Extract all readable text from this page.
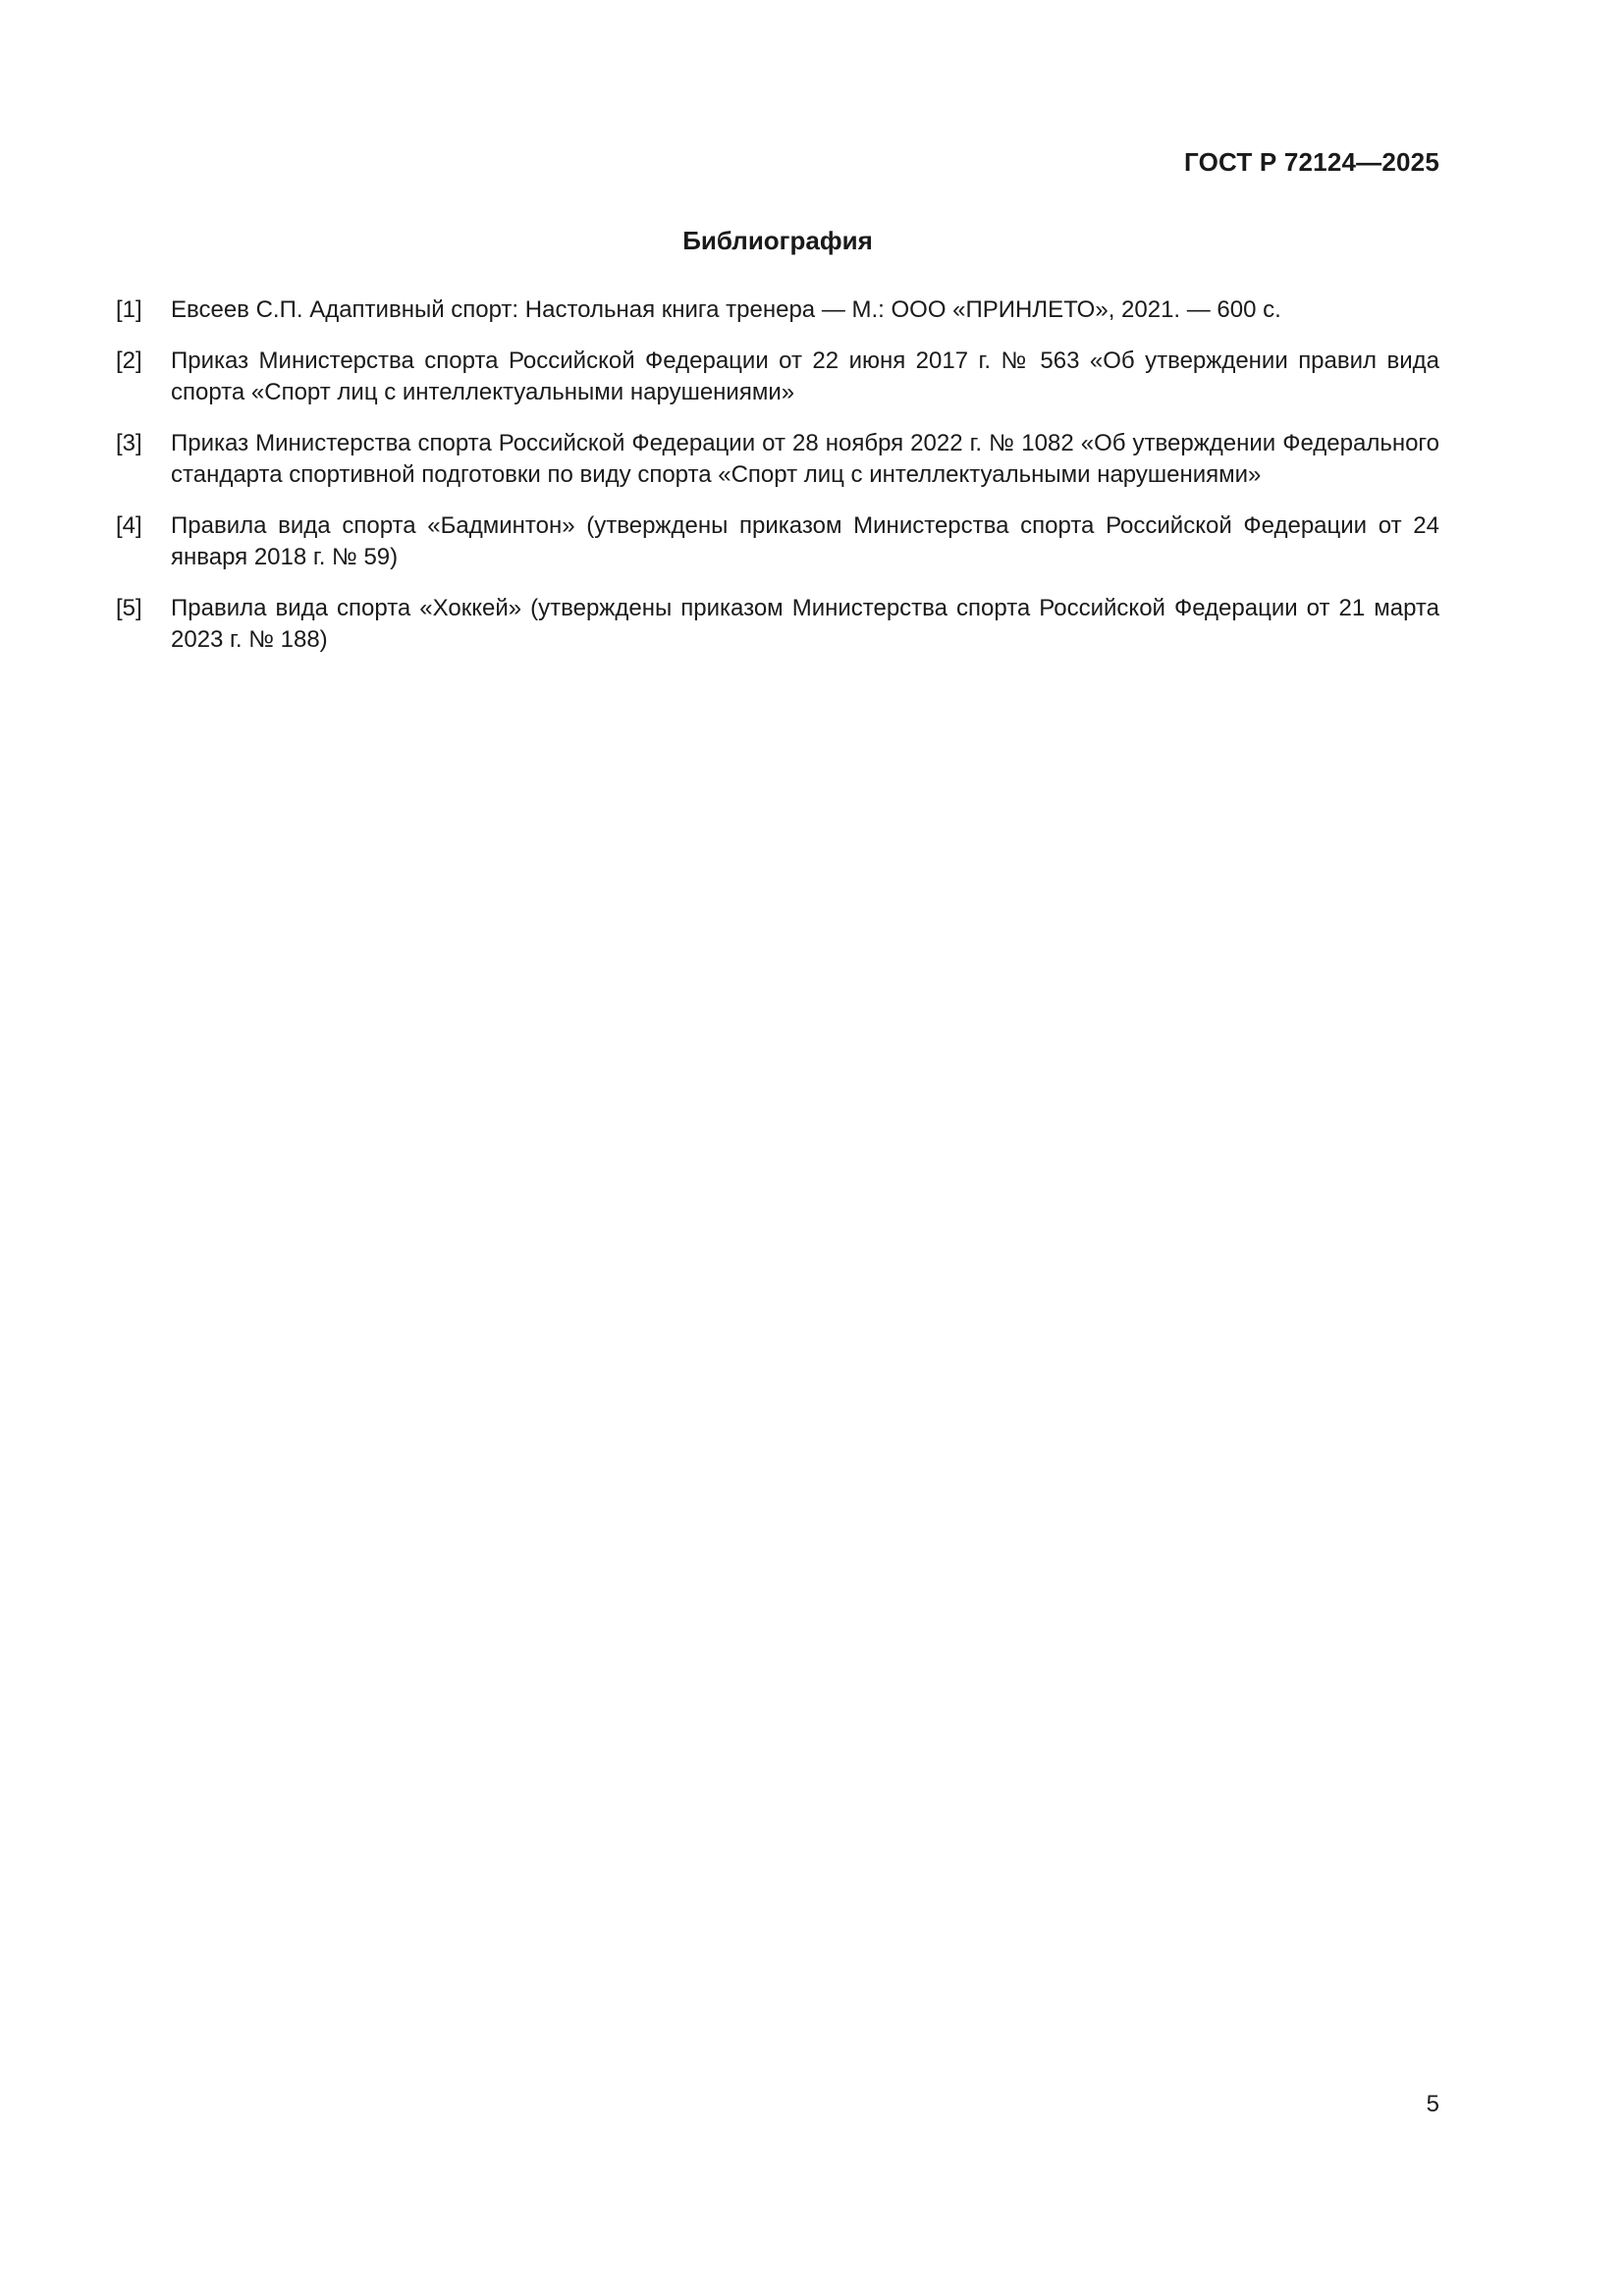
ГОСТ Р 72124—2025
Библиография
[1]	Евсеев С.П. Адаптивный спорт: Настольная книга тренера — М.: ООО «ПРИНЛЕТО», 2021. — 600 с.
[2]	Приказ Министерства спорта Российской Федерации от 22 июня 2017 г. № 563 «Об утверждении правил вида спорта «Спорт лиц с интеллектуальными нарушениями»
[3]	Приказ Министерства спорта Российской Федерации от 28 ноября 2022 г. № 1082 «Об утверждении Федерального стандарта спортивной подготовки по виду спорта «Спорт лиц с интеллектуальными нарушениями»
[4]	Правила вида спорта «Бадминтон» (утверждены приказом Министерства спорта Российской Федерации от 24 января 2018 г. № 59)
[5]	Правила вида спорта «Хоккей» (утверждены приказом Министерства спорта Российской Федерации от 21 марта 2023 г. № 188)
5
